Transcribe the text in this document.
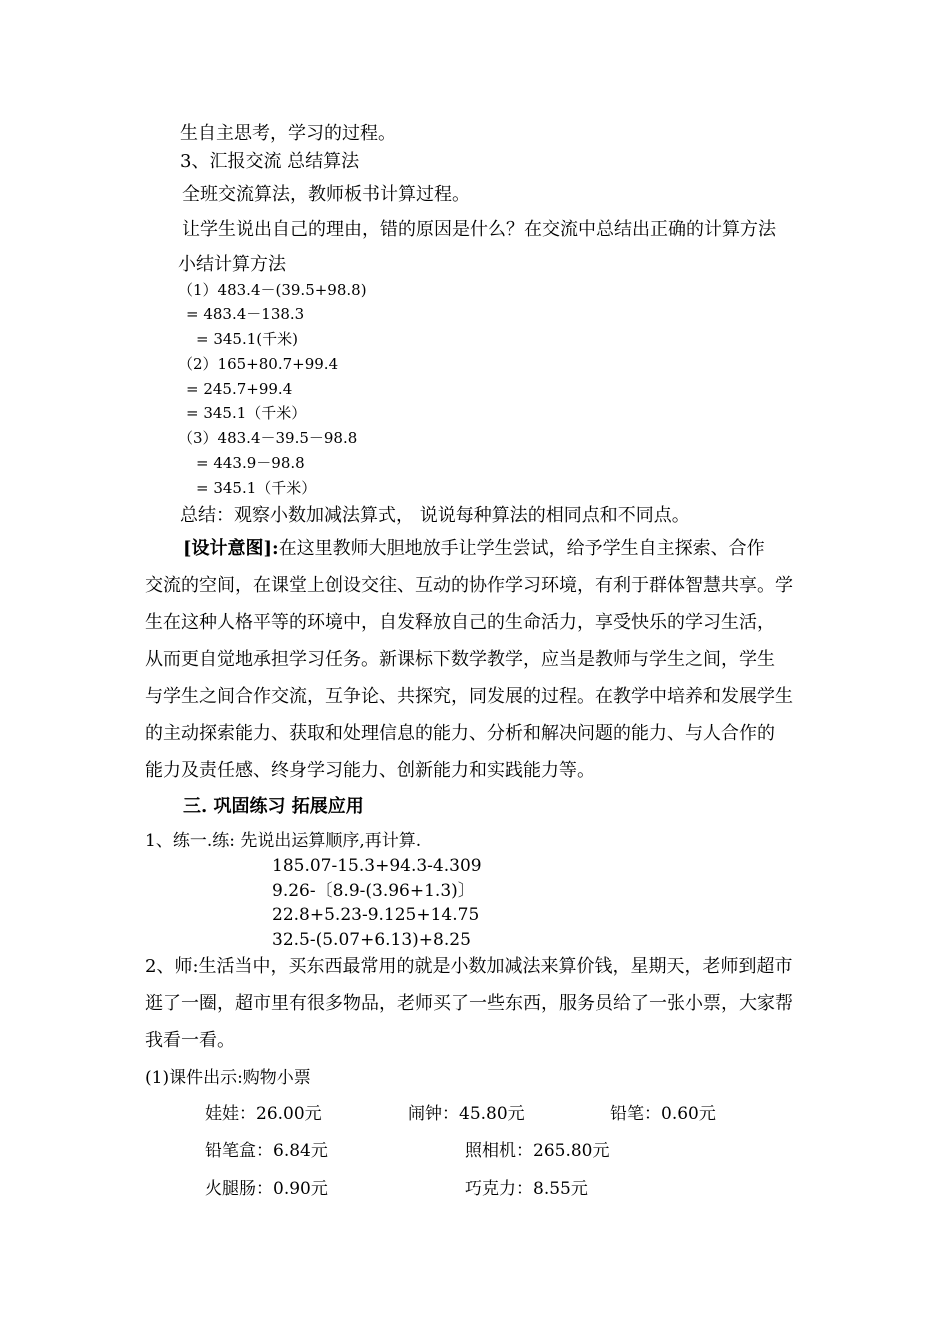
生自主思考，学习的过程。
3、汇报交流 总结算法
全班交流算法，教师板书计算过程。
让学生说出自己的理由，错的原因是什么？在交流中总结出正确的计算方法
小结计算方法
（1）483.4－(39.5+98.8)
= 483.4－138.3
= 345.1(千米)
（2）165+80.7+99.4
= 245.7+99.4
= 345.1（千米）
（3）483.4－39.5－98.8
= 443.9－98.8
= 345.1（千米）
总结：观察小数加减法算式， 说说每种算法的相同点和不同点。
[设计意图]:在这里教师大胆地放手让学生尝试，给予学生自主探索、合作
交流的空间，在课堂上创设交往、互动的协作学习环境，有利于群体智慧共享。学
生在这种人格平等的环境中，自发释放自己的生命活力，享受快乐的学习生活，
从而更自觉地承担学习任务。新课标下数学教学，应当是教师与学生之间，学生
与学生之间合作交流，互争论、共探究，同发展的过程。在教学中培养和发展学生
的主动探索能力、获取和处理信息的能力、分析和解决问题的能力、与人合作的
能力及责任感、终身学习能力、创新能力和实践能力等。
三. 巩固练习 拓展应用
1、练一.练: 先说出运算顺序,再计算.
185.07-15.3+94.3-4.309
9.26-〔8.9-(3.96+1.3)〕
22.8+5.23-9.125+14.75
32.5-(5.07+6.13)+8.25
2、师:生活当中，买东西最常用的就是小数加减法来算价钱，星期天，老师到超市
逛了一圈，超市里有很多物品，老师买了一些东西，服务员给了一张小票，大家帮
我看一看。
(1)课件出示:购物小票
娃娃：26.00元	闹钟：45.80元	铅笔：0.60元
铅笔盒：6.84元	照相机：265.80元
火腿肠：0.90元	巧克力：8.55元
